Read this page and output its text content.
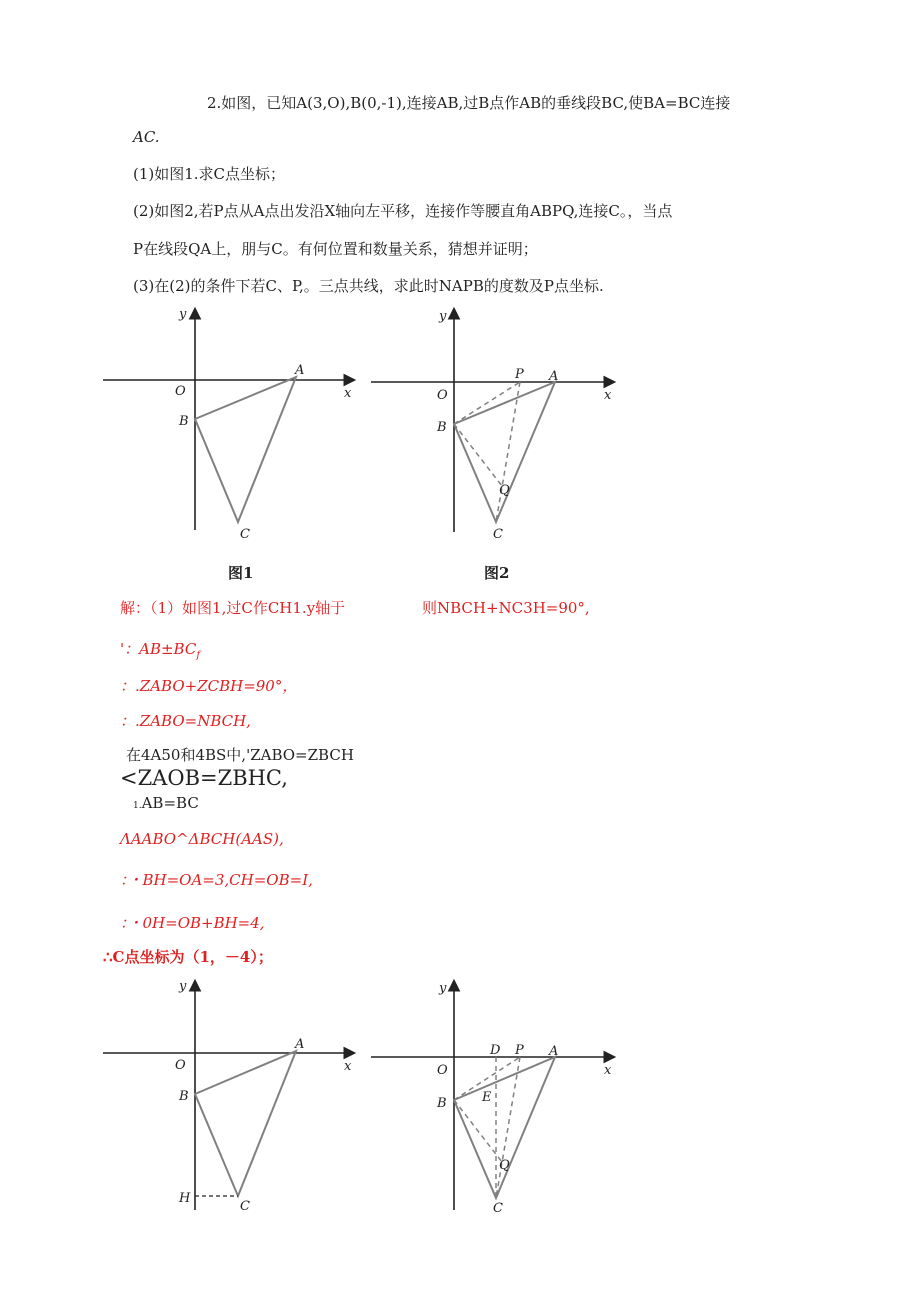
2.如图，已知A(3,O),B(0,-1),连接AB,过B点作AB的垂线段BC,使BA=BC连接
AC.
(1)如图1.求C点坐标；
(2)如图2,若P点从A点出发沿X轴向左平移，连接作等腰直角ABPQ,连接C。，当点
P在线段QA上，朋与C。有何位置和数量关系，猜想并证明；
(3)在(2)的条件下若C、P,。三点共线，求此时NAPB的度数及P点坐标.
y
x
O
A
B
C
y
x
O
P A
B
Q
C
图1	图2
解：（1）如图1,过C作CH1.y轴于	则NBCH+NC3H=90°,
'：$AB\pm BC_f$
：.ZABO+ZCBH=90°，
：.ZABO=NBCH,
在4A50和4BS中,'ZABO=ZBCH
<ZAOB=ZBHC,
1.AB=BC
ΛAABO^ΔBCH(AAS),
：・BH=OA=3,CH=OB=I,
：・0H=OB+BH=4,
∴C点坐标为（1，－4）；
y
x
O
A
B
H
C
y
x
O
D P A
B	E
Q
C
